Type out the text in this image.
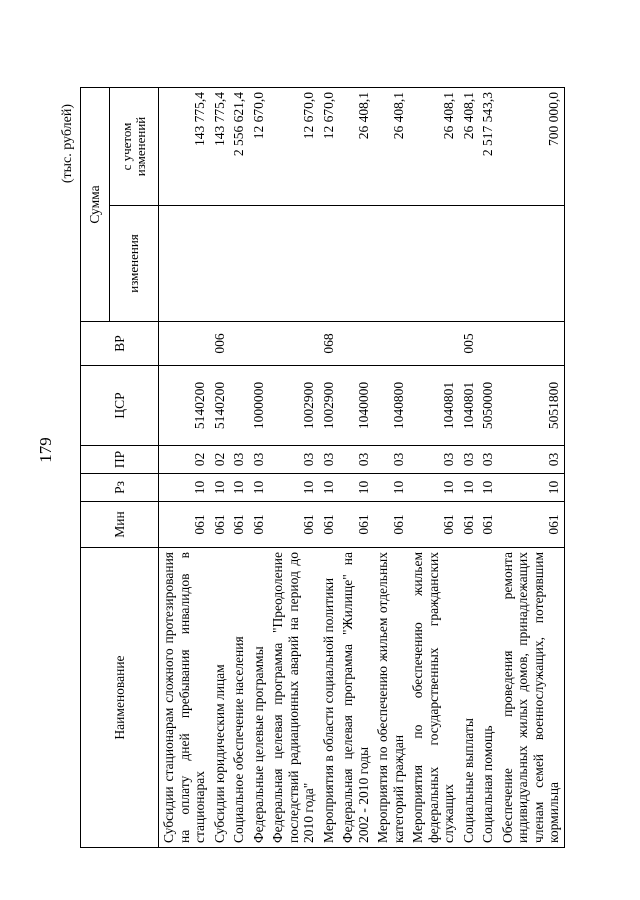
179
(тыс. рублей)
Наименование	Мин	Рз	ПР	ЦСР	ВР	Сумма	
						изменения	с учетом изменений
Субсидии стационарам сложного протезирования на оплату дней пребывания инвалидов в стационарах	061	10	02	5140200			143 775,4
Субсидии юридическим лицам	061	10	02	5140200	006		143 775,4
Социальное обеспечение населения	061	10	03				2 556 621,4
Федеральные целевые программы	061	10	03	1000000			12 670,0
Федеральная целевая программа "Преодоление последствий радиационных аварий на период до 2010 года"	061	10	03	1002900			12 670,0
Мероприятия в области социальной политики	061	10	03	1002900	068		12 670,0
Федеральная целевая программа "Жилище" на 2002 - 2010 годы	061	10	03	1040000			26 408,1
Мероприятия по обеспечению жильем отдельных категорий граждан	061	10	03	1040800			26 408,1
Мероприятия по обеспечению жильем федеральных государственных гражданских служащих	061	10	03	1040801			26 408,1
Социальные выплаты	061	10	03	1040801	005		26 408,1
Социальная помощь	061	10	03	5050000			2 517 543,3
Обеспечение проведения ремонта индивидуальных жилых домов, принадлежащих членам семей военнослужащих, потерявшим кормильца	061	10	03	5051800			700 000,0
